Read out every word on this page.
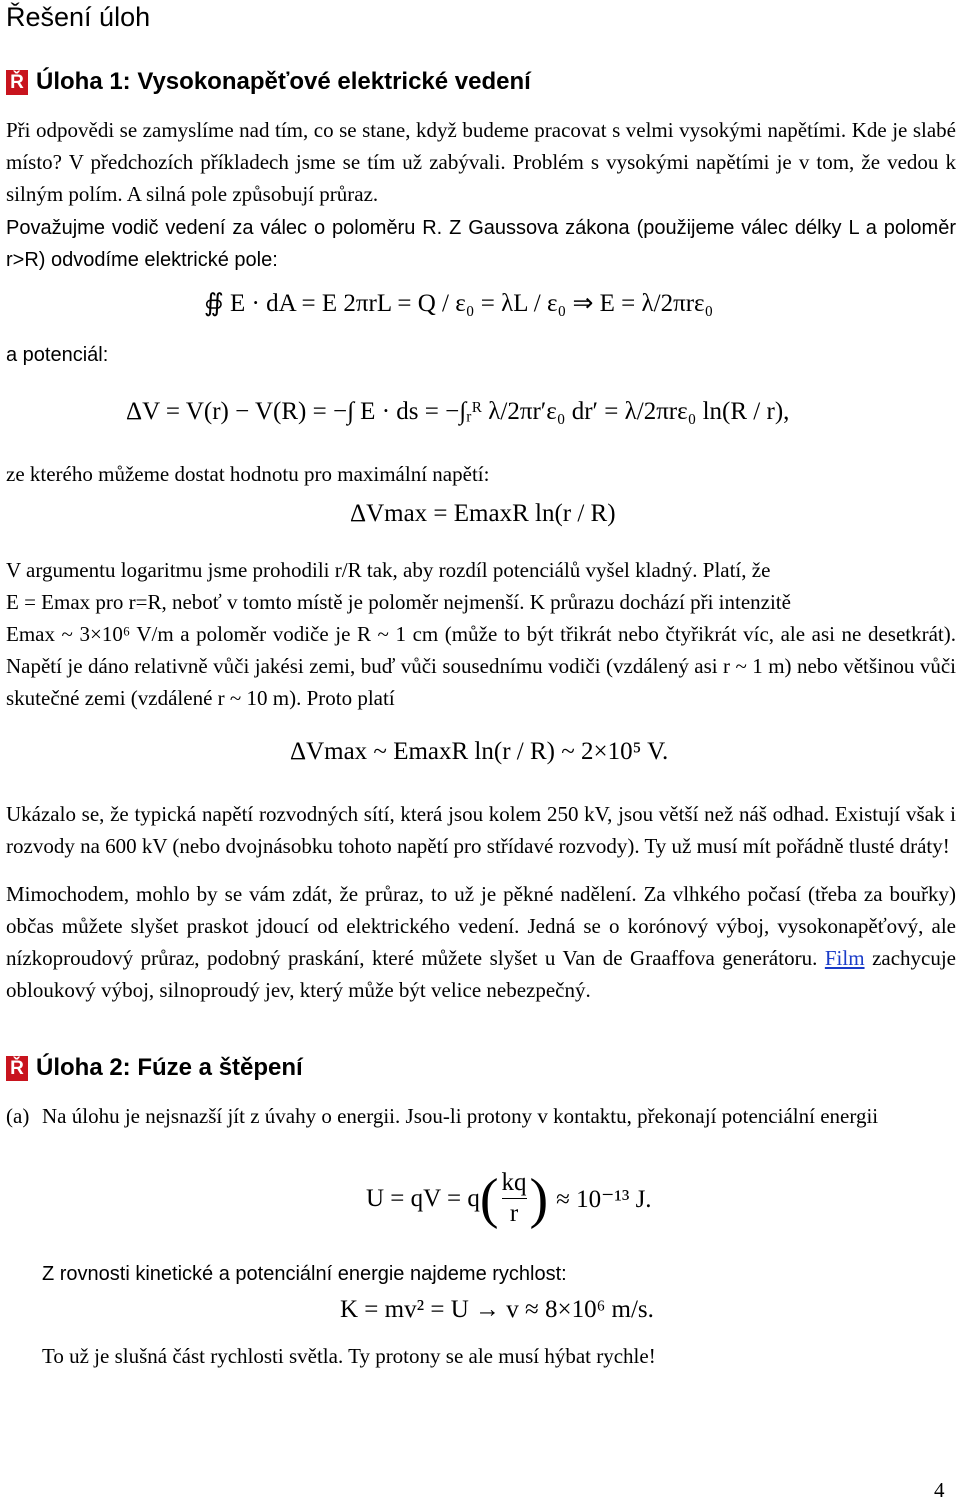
Řešení úloh
Ř Úloha 1: Vysokonapěťové elektrické vedení
Při odpovědi se zamyslíme nad tím, co se stane, když budeme pracovat s velmi vysokými napětími. Kde je slabé místo? V předchozích příkladech jsme se tím už zabývali. Problém s vysokými napětími je v tom, že vedou k silným polím. A silná pole způsobují průraz.
Považujme vodič vedení za válec o poloměru R. Z Gaussova zákona (použijeme válec délky L a poloměr r>R) odvodíme elektrické pole:
∯ E · dA = E 2πrL = Q / ε₀ = λL / ε₀ ⇒ E = λ/2πrε₀
a potenciál:
ΔV = V(r) − V(R) = −∫ E · ds = −∫ᵣᴿ λ/2πr′ε₀ dr′ = λ/2πrε₀ ln(R / r),
ze kterého můžeme dostat hodnotu pro maximální napětí:
ΔVmax = EmaxR ln(r / R)
V argumentu logaritmu jsme prohodili r/R tak, aby rozdíl potenciálů vyšel kladný. Platí, že
E = Emax pro r=R, neboť v tomto místě je poloměr nejmenší. K průrazu dochází při intenzitě
Emax ~ 3×10⁶ V/m a poloměr vodiče je R ~ 1 cm (může to být třikrát nebo čtyřikrát víc, ale asi ne desetkrát). Napětí je dáno relativně vůči jakési zemi, buď vůči sousednímu vodiči (vzdálený asi r ~ 1 m) nebo většinou vůči skutečné zemi (vzdálené r ~ 10 m). Proto platí
ΔVmax ~ EmaxR ln(r / R) ~ 2×10⁵ V.
Ukázalo se, že typická napětí rozvodných sítí, která jsou kolem 250 kV, jsou větší než náš odhad. Existují však i rozvody na 600 kV (nebo dvojnásobku tohoto napětí pro střídavé rozvody). Ty už musí mít pořádně tlusté dráty!
Mimochodem, mohlo by se vám zdát, že průraz, to už je pěkné nadělení. Za vlhkého počasí (třeba za bouřky) občas můžete slyšet praskot jdoucí od elektrického vedení. Jedná se o korónový výboj, vysokonapěťový, ale nízkoproudový průraz, podobný praskání, které můžete slyšet u Van de Graaffova generátoru. Film zachycuje obloukový výboj, silnoproudý jev, který může být velice nebezpečný.
Ř Úloha 2: Fúze a štěpení
(a) Na úlohu je nejsnazší jít z úvahy o energii. Jsou-li protony v kontaktu, překonají potenciální energii
U = qV = q ( $\frac{kq}{r}$ ) ≈ 10⁻¹³ J.
Z rovnosti kinetické a potenciální energie najdeme rychlost:
K = mv² = U → v ≈ 8×10⁶ m/s.
To už je slušná část rychlosti světla. Ty protony se ale musí hýbat rychle!
4
